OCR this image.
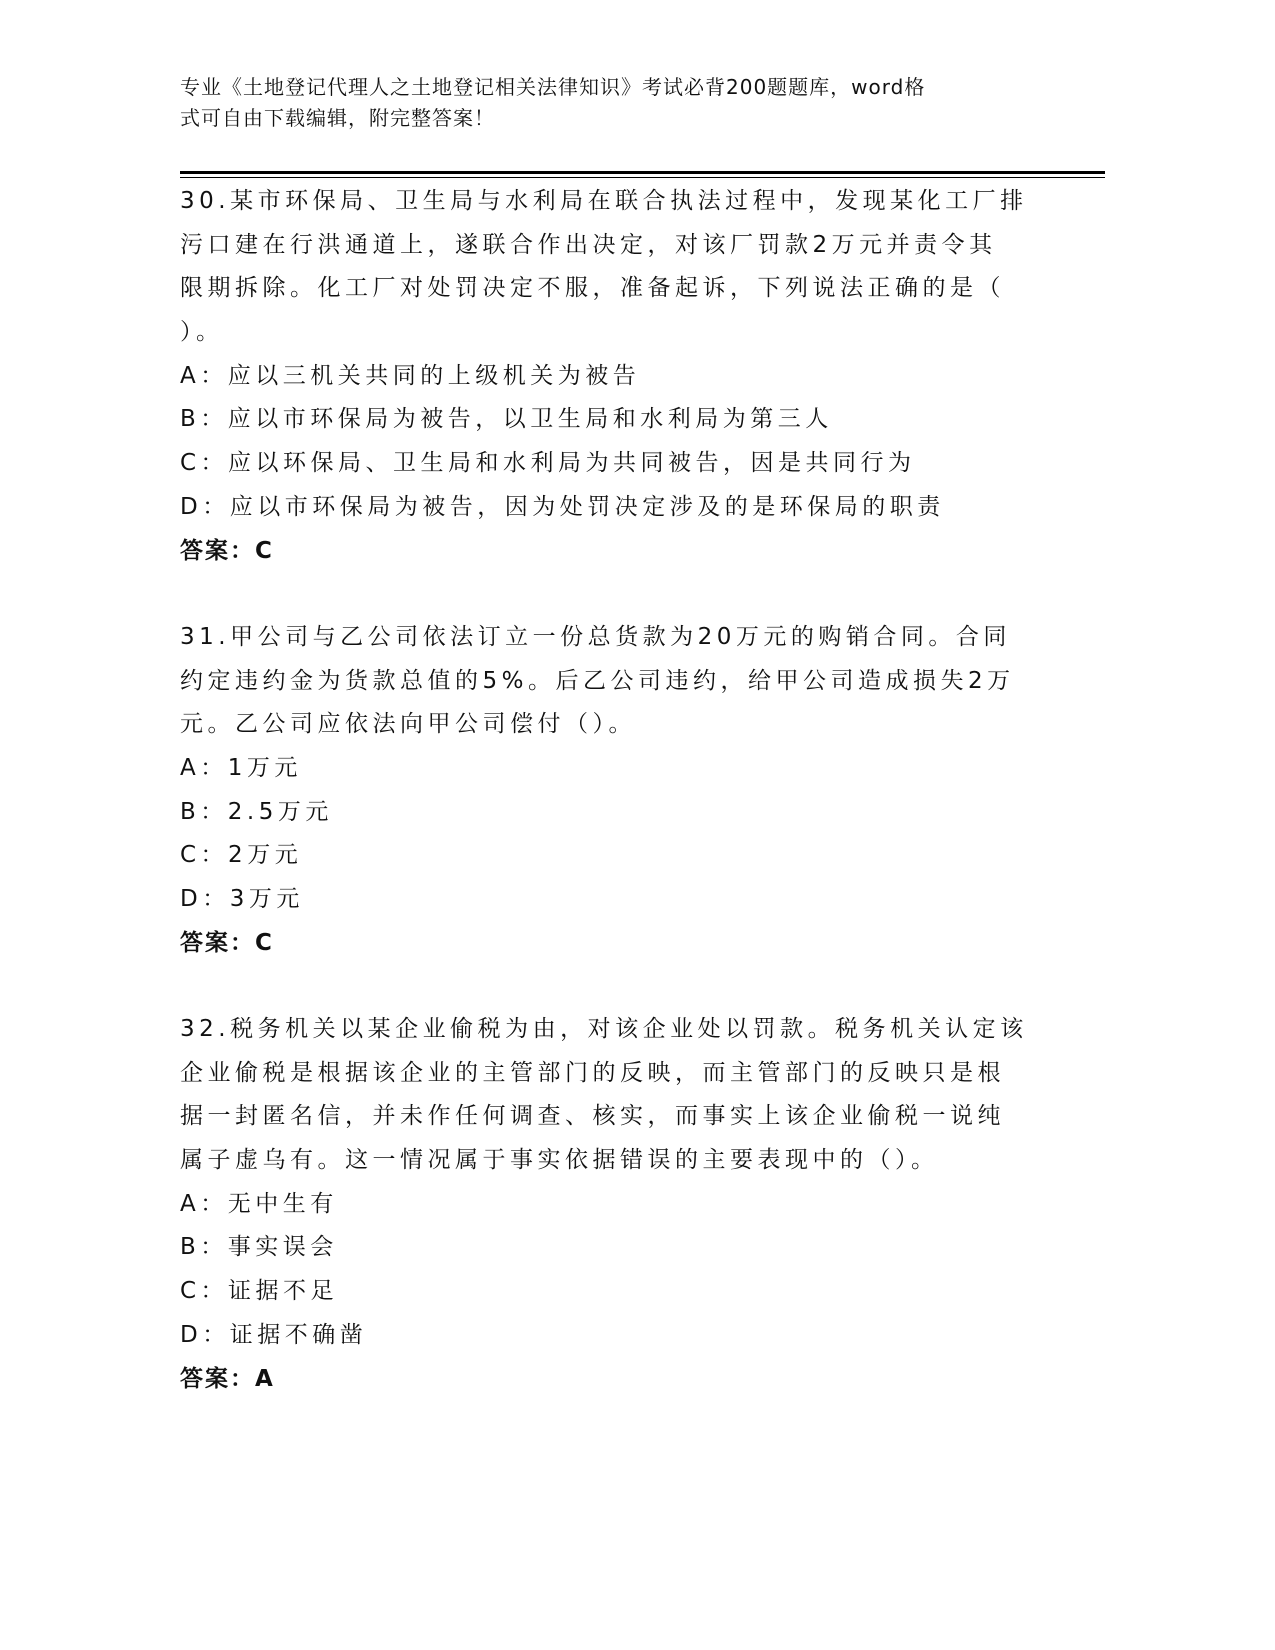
专业《土地登记代理人之土地登记相关法律知识》考试必背200题题库，word格
式可自由下载编辑，附完整答案！
30.某市环保局、卫生局与水利局在联合执法过程中，发现某化工厂排
污口建在行洪通道上，遂联合作出决定，对该厂罚款2万元并责令其
限期拆除。化工厂对处罚决定不服，准备起诉，下列说法正确的是（
）。
A：应以三机关共同的上级机关为被告
B：应以市环保局为被告，以卫生局和水利局为第三人
C：应以环保局、卫生局和水利局为共同被告，因是共同行为
D：应以市环保局为被告，因为处罚决定涉及的是环保局的职责
答案：C
31.甲公司与乙公司依法订立一份总货款为20万元的购销合同。合同
约定违约金为货款总值的5%。后乙公司违约，给甲公司造成损失2万
元。乙公司应依法向甲公司偿付（）。
A：1万元
B：2.5万元
C：2万元
D：3万元
答案：C
32.税务机关以某企业偷税为由，对该企业处以罚款。税务机关认定该
企业偷税是根据该企业的主管部门的反映，而主管部门的反映只是根
据一封匿名信，并未作任何调查、核实，而事实上该企业偷税一说纯
属子虚乌有。这一情况属于事实依据错误的主要表现中的（）。
A：无中生有
B：事实误会
C：证据不足
D：证据不确凿
答案：A
